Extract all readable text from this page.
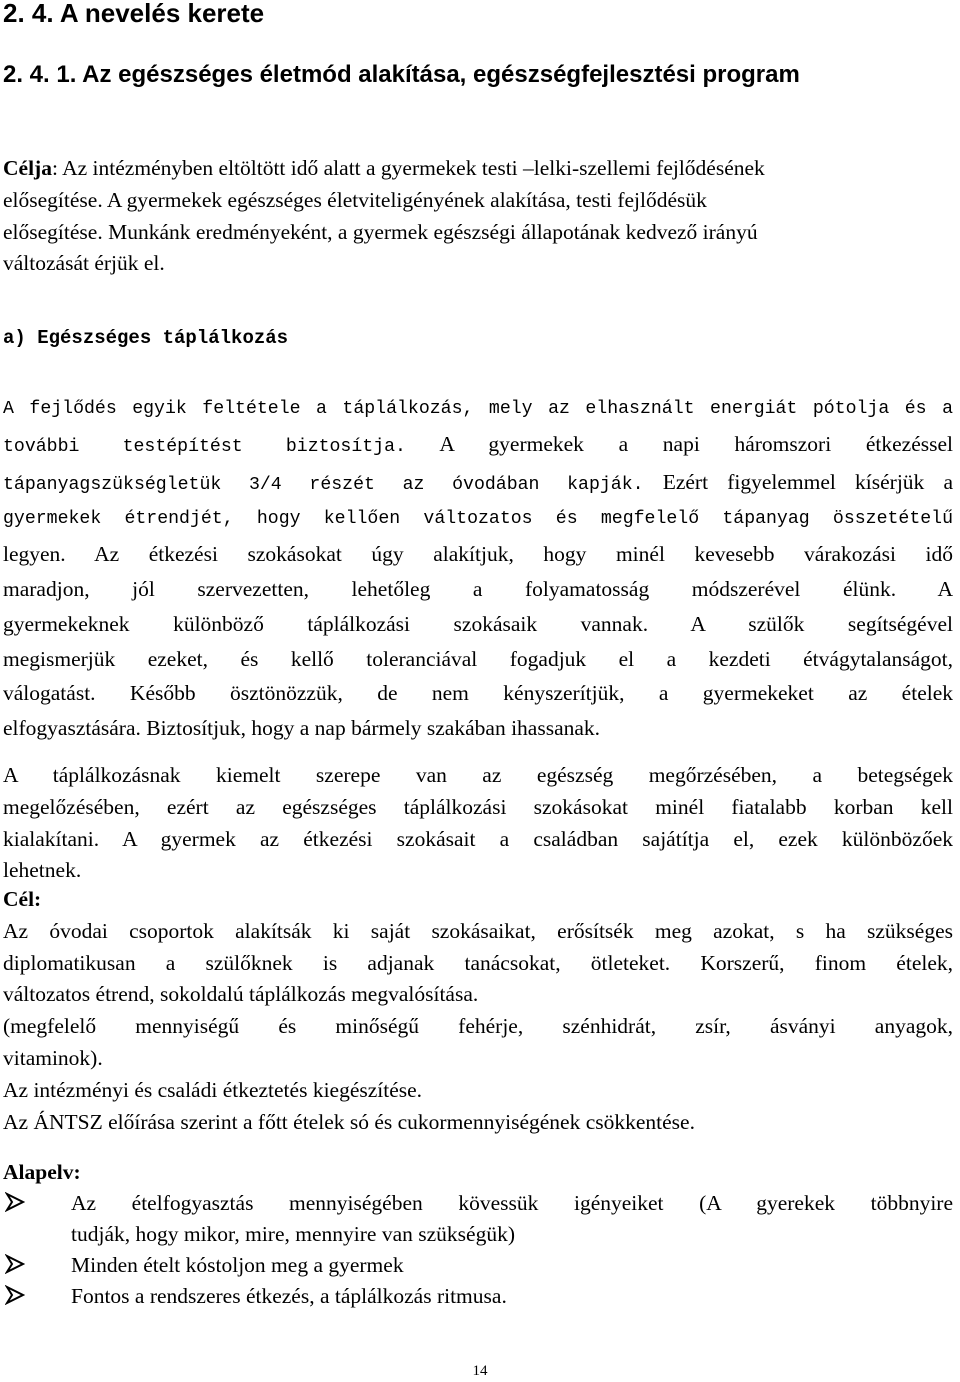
2. 4. A nevelés kerete
2. 4. 1. Az egészséges életmód alakítása, egészségfejlesztési program
Célja: Az intézményben eltöltött idő alatt a gyermekek testi –lelki-szellemi fejlődésének
elősegítése. A gyermekek egészséges életviteligényének alakítása, testi fejlődésük
elősegítése. Munkánk eredményeként, a gyermek egészségi állapotának kedvező irányú
változását érjük el.
a) Egészséges táplálkozás
A fejlődés egyik feltétele a táplálkozás, mely az elhasznált energiát pótolja és a
további testépítést biztosítja. A gyermekek a napi háromszori étkezéssel
tápanyagszükségletük 3/4 részét az óvodában kapják. Ezért figyelemmel kísérjük a
gyermekek étrendjét, hogy kellően változatos és megfelelő tápanyag összetételű
legyen. Az étkezési szokásokat úgy alakítjuk, hogy minél kevesebb várakozási idő
maradjon, jól szervezetten, lehetőleg a folyamatosság módszerével élünk. A
gyermekeknek különböző táplálkozási szokásaik vannak. A szülők segítségével
megismerjük ezeket, és kellő toleranciával fogadjuk el a kezdeti étvágytalanságot,
válogatást. Később ösztönözzük, de nem kényszerítjük, a gyermekeket az ételek
elfogyasztására. Biztosítjuk, hogy a nap bármely szakában ihassanak.
A táplálkozásnak kiemelt szerepe van az egészség megőrzésében, a betegségek
megelőzésében, ezért az egészséges táplálkozási szokásokat minél fiatalabb korban kell
kialakítani. A gyermek az étkezési szokásait a családban sajátítja el, ezek különbözőek
lehetnek.
Cél:
Az óvodai csoportok alakítsák ki saját szokásaikat, erősítsék meg azokat, s ha szükséges
diplomatikusan a szülőknek is adjanak tanácsokat, ötleteket. Korszerű, finom ételek,
változatos étrend, sokoldalú táplálkozás megvalósítása.
(megfelelő mennyiségű és minőségű fehérje, szénhidrát, zsír, ásványi anyagok,
vitaminok).
Az intézményi és családi étkeztetés kiegészítése.
Az ÁNTSZ előírása szerint a főtt ételek só és cukormennyiségének csökkentése.
Alapelv:
Az ételfogyasztás mennyiségében kövessük igényeiket (A gyerekek többnyire
tudják, hogy mikor, mire, mennyire van szükségük)
Minden ételt kóstoljon meg a gyermek
Fontos a rendszeres étkezés, a táplálkozás ritmusa.
14
